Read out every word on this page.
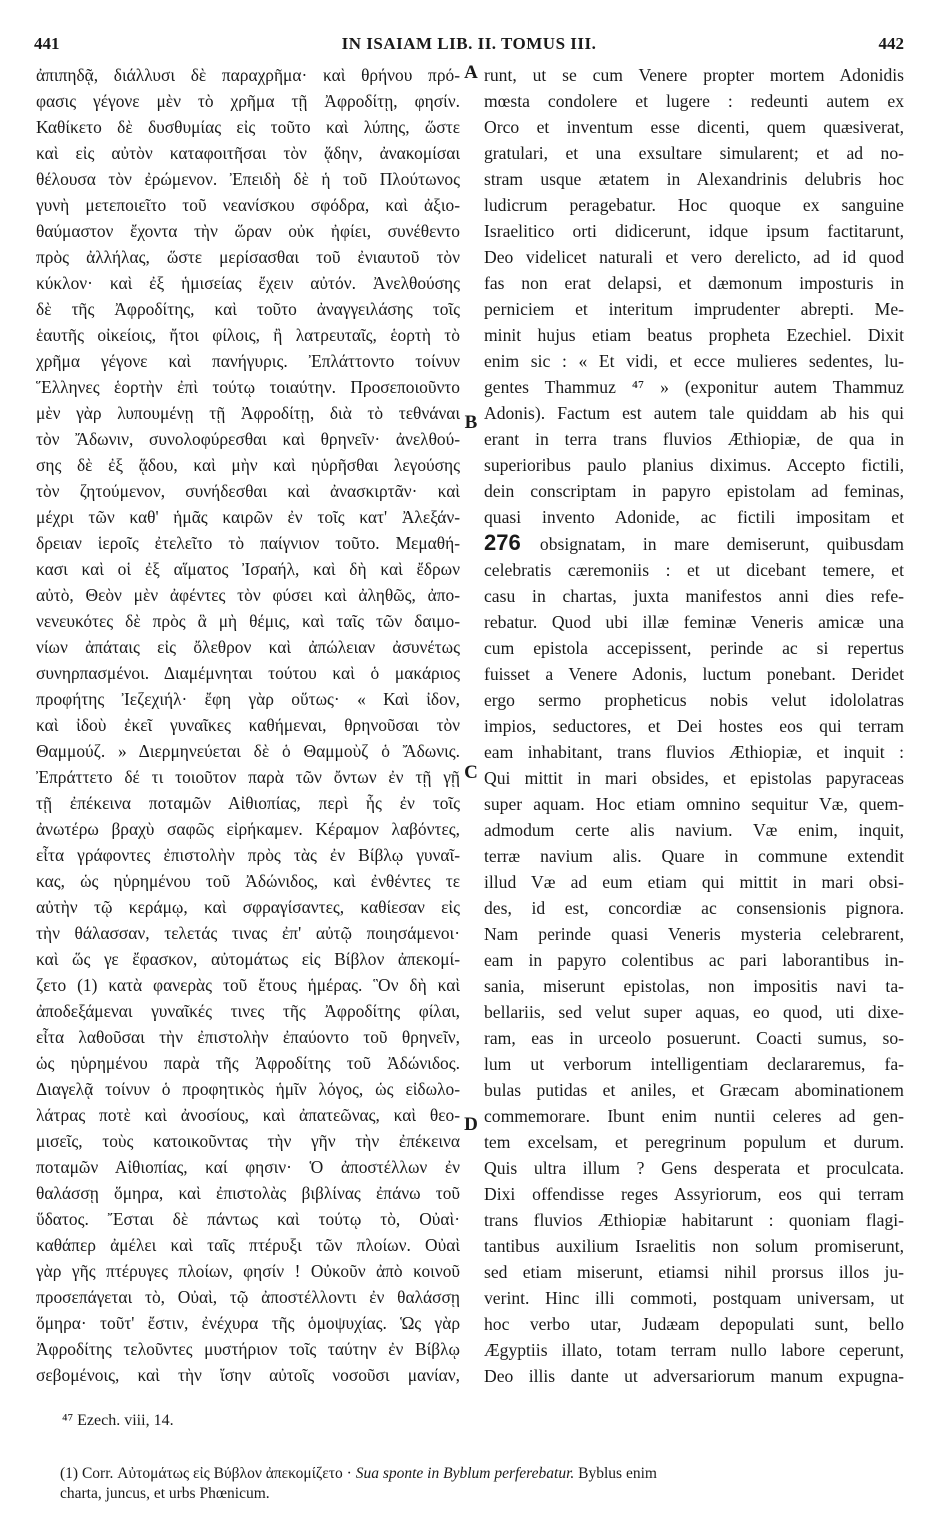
441	IN ISAIAM LIB. II. TOMUS III.	442
ἀπιπηδᾷ, διάλλυσι δὲ παραχρῆμα· καὶ θρήνου πρό-
φασις γέγονε μὲν τὸ χρῆμα τῇ Ἀφροδίτῃ, φησίν.
Καθίκετο δὲ δυσθυμίας εἰς τοῦτο καὶ λύπης, ὥστε
καὶ εἰς αὐτὸν καταφοιτῆσαι τὸν ᾅδην, ἀνακομίσαι
θέλουσα τὸν ἐρώμενον. Ἐπειδὴ δὲ ἡ τοῦ Πλούτωνος
γυνὴ μετεποιεῖτο τοῦ νεανίσκου σφόδρα, καὶ ἀξιο-
θαύμαστον ἔχοντα τὴν ὥραν οὐκ ἠφίει, συνέθεντο
πρὸς ἀλλήλας, ὥστε μερίσασθαι τοῦ ἐνιαυτοῦ τὸν
κύκλον· καὶ ἐξ ἡμισείας ἔχειν αὐτόν. Ἀνελθούσης
δὲ τῆς Ἀφροδίτης, καὶ τοῦτο ἀναγγειλάσης τοῖς
ἑαυτῆς οἰκείοις, ἤτοι φίλοις, ἢ λατρευταῖς, ἑορτὴ τὸ
χρῆμα γέγονε καὶ πανήγυρις. Ἐπλάττοντο τοίνυν
Ἕλληνες ἑορτὴν ἐπὶ τούτῳ τοιαύτην. Προσεποιοῦντο
μὲν γὰρ λυπουμένῃ τῇ Ἀφροδίτῃ, διὰ τὸ τεθνάναι
τὸν Ἄδωνιν, συνολοφύρεσθαι καὶ θρηνεῖν· ἀνελθού-
σης δὲ ἐξ ᾅδου, καὶ μὴν καὶ ηὑρῆσθαι λεγούσης
τὸν ζητούμενον, συνήδεσθαι καὶ ἀνασκιρτᾶν· καὶ
μέχρι τῶν καθ' ἡμᾶς καιρῶν ἐν τοῖς κατ' Ἀλεξάν-
δρειαν ἱεροῖς ἐτελεῖτο τὸ παίγνιον τοῦτο. Μεμαθή-
κασι καὶ οἱ ἐξ αἵματος Ἰσραήλ, καὶ δὴ καὶ ἔδρων
αὐτὸ, Θεὸν μὲν ἀφέντες τὸν φύσει καὶ ἀληθῶς, ἀπο-
νενευκότες δὲ πρὸς ἃ μὴ θέμις, καὶ ταῖς τῶν δαιμο-
νίων ἀπάταις εἰς ὄλεθρον καὶ ἀπώλειαν ἀσυνέτως
συνηρπασμένοι. Διαμέμνηται τούτου καὶ ὁ μακάριος
προφήτης Ἰεζεχιήλ· ἔφη γὰρ οὕτως· « Καὶ ἰδον,
καὶ ἰδοὺ ἐκεῖ γυναῖκες καθήμεναι, θρηνοῦσαι τὸν
Θαμμούζ. » Διερμηνεύεται δὲ ὁ Θαμμοὺζ ὁ Ἄδωνις.
Ἐπράττετο δέ τι τοιοῦτον παρὰ τῶν ὄντων ἐν τῇ γῇ
τῇ ἐπέκεινα ποταμῶν Αἰθιοπίας, περὶ ἧς ἐν τοῖς
ἀνωτέρω βραχὺ σαφῶς εἰρήκαμεν. Κέραμον λαβόντες,
εἶτα γράφοντες ἐπιστολὴν πρὸς τὰς ἐν Βίβλῳ γυναῖ-
κας, ὡς ηὑρημένου τοῦ Ἀδώνιδος, καὶ ἐνθέντες τε
αὐτὴν τῷ κεράμῳ, καὶ σφραγίσαντες, καθίεσαν εἰς
τὴν θάλασσαν, τελετάς τινας ἐπ' αὐτῷ ποιησάμενοι·
καὶ ὥς γε ἔφασκον, αὐτομάτως εἰς Βίβλον ἀπεκομί-
ζετο (1) κατὰ φανερὰς τοῦ ἔτους ἡμέρας. Ὃν δὴ καὶ
ἀποδεξάμεναι γυναῖκές τινες τῆς Ἀφροδίτης φίλαι,
εἶτα λαθοῦσαι τὴν ἐπιστολὴν ἐπαύοντο τοῦ θρηνεῖν,
ὡς ηὑρημένου παρὰ τῆς Ἀφροδίτης τοῦ Ἀδώνιδος.
Διαγελᾷ τοίνυν ὁ προφητικὸς ἡμῖν λόγος, ὡς εἰδωλο-
λάτρας ποτὲ καὶ ἀνοσίους, καὶ ἀπατεῶνας, καὶ θεο-
μισεῖς, τοὺς κατοικοῦντας τὴν γῆν τὴν ἐπέκεινα
ποταμῶν Αἰθιοπίας, καί φησιν· Ὁ ἀποστέλλων ἐν
θαλάσσῃ ὅμηρα, καὶ ἐπιστολὰς βιβλίνας ἐπάνω τοῦ
ὕδατος. Ἔσται δὲ πάντως καὶ τούτῳ τὸ, Οὐαὶ·
καθάπερ ἀμέλει καὶ ταῖς πτέρυξι τῶν πλοίων. Οὐαὶ
γὰρ γῆς πτέρυγες πλοίων, φησίν ! Οὐκοῦν ἀπὸ κοινοῦ
προσεπάγεται τὸ, Οὐαὶ, τῷ ἀποστέλλοντι ἐν θαλάσσῃ
ὅμηρα· τοῦτ' ἔστιν, ἐνέχυρα τῆς ὁμοψυχίας. Ὡς γὰρ
Ἀφροδίτης τελοῦντες μυστήριον τοῖς ταύτην ἐν Βίβλῳ
σεβομένοις, καὶ τὴν ἴσην αὐτοῖς νοσοῦσι μανίαν,
runt, ut se cum Venere propter mortem Adonidis
mœsta condolere et lugere : redeunti autem ex
Orco et inventum esse dicenti, quem quæsiverat,
gratulari, et una exsultare simularent; et ad no-
stram usque ætatem in Alexandrinis delubris hoc
ludicrum peragebatur. Hoc quoque ex sanguine
Israelitico orti didicerunt, idque ipsum factitarunt,
Deo videlicet naturali et vero derelicto, ad id quod
fas non erat delapsi, et dæmonum imposturis in
perniciem et interitum imprudenter abrepti. Me-
minit hujus etiam beatus propheta Ezechiel. Dixit
enim sic : « Et vidi, et ecce mulieres sedentes, lu-
gentes Thammuz ⁴⁷ » (exponitur autem Thammuz
Adonis). Factum est autem tale quiddam ab his qui
erant in terra trans fluvios Æthiopiæ, de qua in
superioribus paulo planius diximus. Accepto fictili,
dein conscriptam in papyro epistolam ad feminas,
quasi invento Adonide, ac fictili impositam et
276 obsignatam, in mare demiserunt, quibusdam
celebratis cæremoniis : et ut dicebant temere, et
casu in chartas, juxta manifestos anni dies refe-
rebatur. Quod ubi illæ feminæ Veneris amicæ una
cum epistola accepissent, perinde ac si repertus
fuisset a Venere Adonis, luctum ponebant. Deridet
ergo sermo propheticus nobis velut idololatras
impios, seductores, et Dei hostes eos qui terram
eam inhabitant, trans fluvios Æthiopiæ, et inquit :
Qui mittit in mari obsides, et epistolas papyraceas
super aquam. Hoc etiam omnino sequitur Væ, quem-
admodum certe alis navium. Væ enim, inquit,
terræ navium alis. Quare in commune extendit
illud Væ ad eum etiam qui mittit in mari obsi-
des, id est, concordiæ ac consensionis pignora.
Nam perinde quasi Veneris mysteria celebrarent,
eam in papyro colentibus ac pari laborantibus in-
sania, miserunt epistolas, non impositis navi ta-
bellariis, sed velut super aquas, eo quod, uti dixe-
ram, eas in urceolo posuerunt. Coacti sumus, so-
lum ut verborum intelligentiam declararemus, fa-
bulas putidas et aniles, et Græcam abominationem
commemorare. Ibunt enim nuntii celeres ad gen-
tem excelsam, et peregrinum populum et durum.
Quis ultra illum ? Gens desperata et proculcata.
Dixi offendisse reges Assyriorum, eos qui terram
trans fluvios Æthiopiæ habitarunt : quoniam flagi-
tantibus auxilium Israelitis non solum promiserunt,
sed etiam miserunt, etiamsi nihil prorsus illos ju-
verint. Hinc illi commoti, postquam universam, ut
hoc verbo utar, Judæam depopulati sunt, bello
Ægyptiis illato, totam terram nullo labore ceperunt,
Deo illis dante ut adversariorum manum expugna-
A
B
C
D
⁴⁷ Ezech. viii, 14.
(1) Corr. Αὐτομάτως εἰς Βύβλον ἀπεκομίζετο · Sua sponte in Byblum perferebatur. Byblus enim
charta, juncus, et urbs Phœnicum.
